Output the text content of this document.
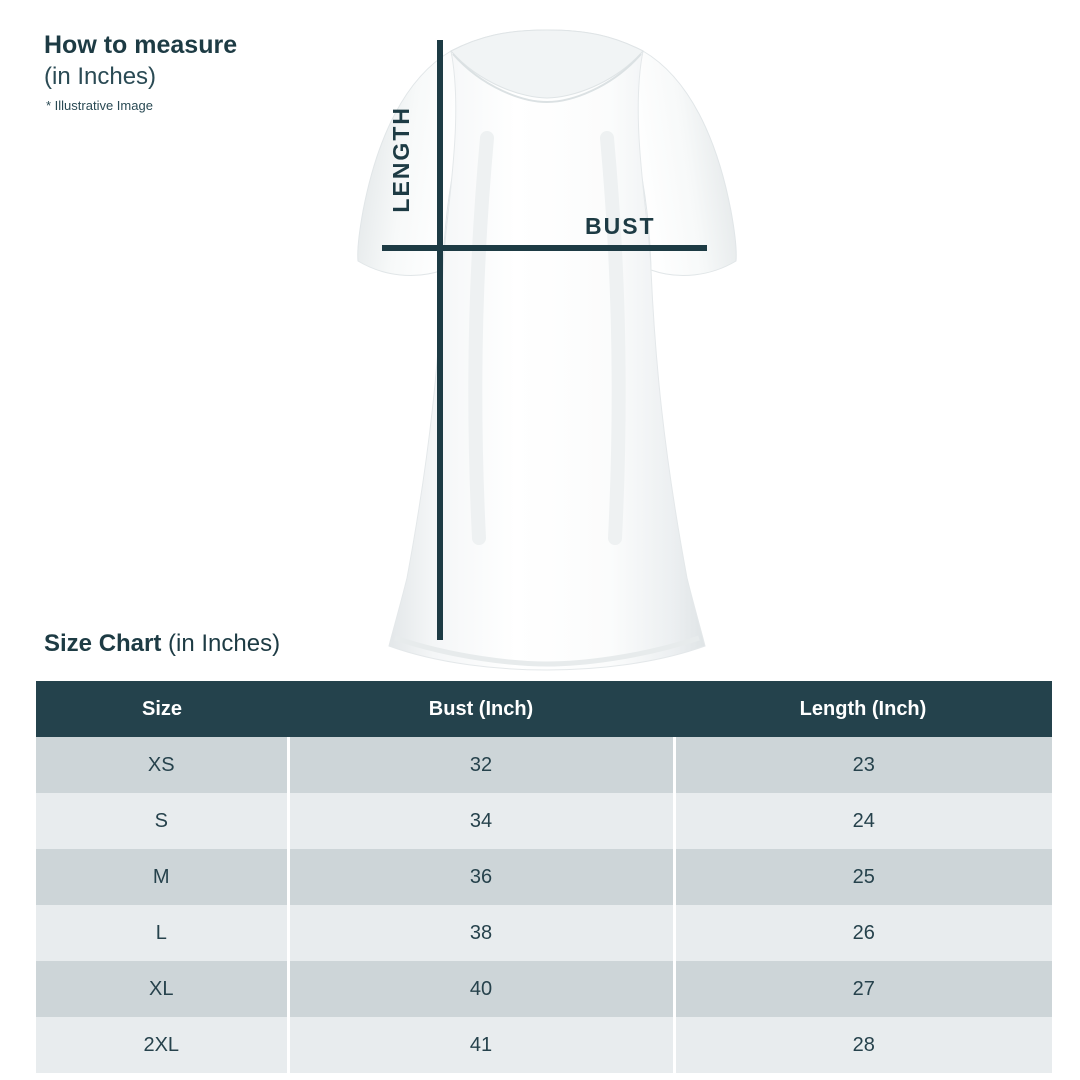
How to measure
(in Inches)
* Illustrative Image
LENGTH
BUST
Size Chart (in Inches)
Size	Bust (Inch)	Length (Inch)
XS	32	23
S	34	24
M	36	25
L	38	26
XL	40	27
2XL	41	28
